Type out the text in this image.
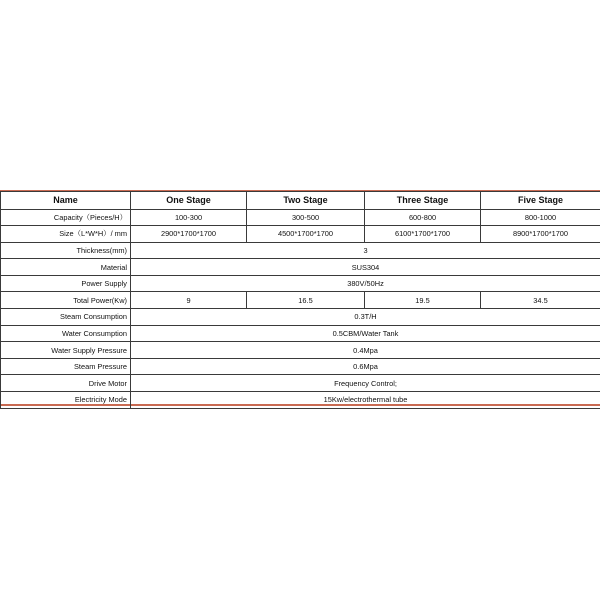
Name	One Stage	Two Stage	Three Stage	Five Stage
Capacity（Pieces/H）	100-300	300-500	600-800	800-1000
Size（L*W*H）/ mm	2900*1700*1700	4500*1700*1700	6100*1700*1700	8900*1700*1700
Thickness(mm)	3			
Material	SUS304			
Power Supply	380V/50Hz			
Total Power(Kw)	9	16.5	19.5	34.5
Steam Consumption	0.3T/H			
Water Consumption	0.5CBM/Water Tank			
Water Supply Pressure	0.4Mpa			
Steam Pressure	0.6Mpa			
Drive Motor	Frequency Control;			
Electricity Mode	15Kw/electrothermal tube			
